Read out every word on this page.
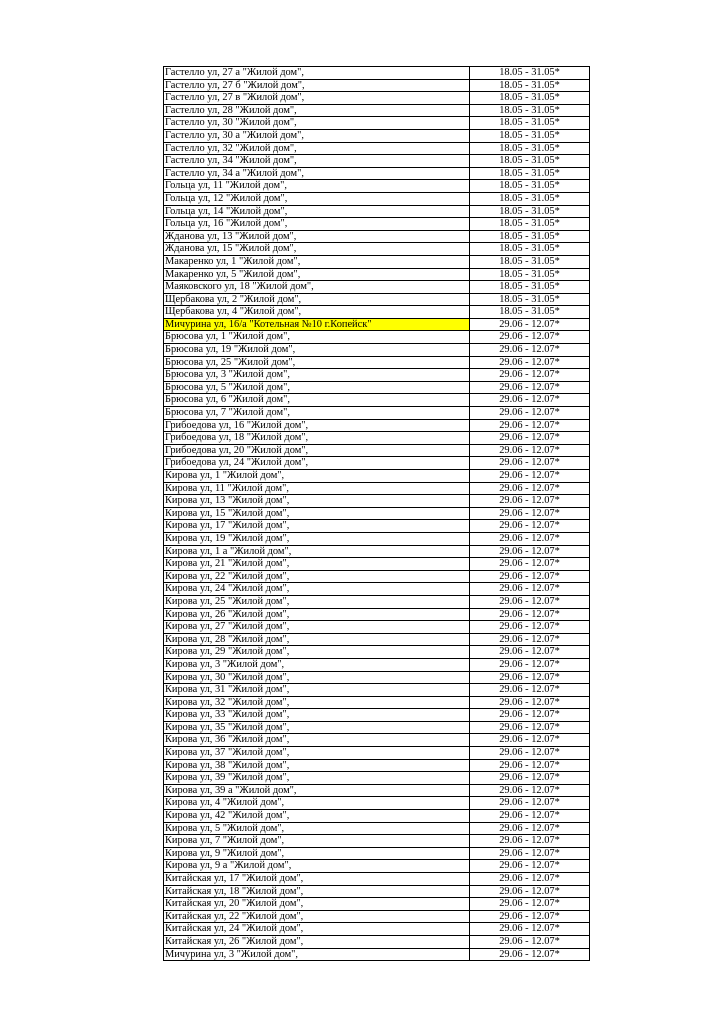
Гастелло ул, 27 а "Жилой дом",	18.05 - 31.05*
Гастелло ул, 27 б "Жилой дом",	18.05 - 31.05*
Гастелло ул, 27 в "Жилой дом",	18.05 - 31.05*
Гастелло ул, 28 "Жилой дом",	18.05 - 31.05*
Гастелло ул, 30 "Жилой дом",	18.05 - 31.05*
Гастелло ул, 30 а "Жилой дом",	18.05 - 31.05*
Гастелло ул, 32 "Жилой дом",	18.05 - 31.05*
Гастелло ул, 34 "Жилой дом",	18.05 - 31.05*
Гастелло ул, 34 а "Жилой дом",	18.05 - 31.05*
Гольца ул, 11 "Жилой дом",	18.05 - 31.05*
Гольца ул, 12 "Жилой дом",	18.05 - 31.05*
Гольца ул, 14 "Жилой дом",	18.05 - 31.05*
Гольца ул, 16 "Жилой дом",	18.05 - 31.05*
Жданова ул, 13 "Жилой дом",	18.05 - 31.05*
Жданова ул, 15 "Жилой дом",	18.05 - 31.05*
Макаренко ул, 1 "Жилой дом",	18.05 - 31.05*
Макаренко ул, 5 "Жилой дом",	18.05 - 31.05*
Маяковского ул, 18 "Жилой дом",	18.05 - 31.05*
Щербакова ул, 2 "Жилой дом",	18.05 - 31.05*
Щербакова ул, 4 "Жилой дом",	18.05 - 31.05*
Мичурина ул, 16/а "Котельная №10 г.Копейск"	29.06 - 12.07*
Брюсова ул, 1 "Жилой дом",	29.06 - 12.07*
Брюсова ул, 19 "Жилой дом",	29.06 - 12.07*
Брюсова ул, 25 "Жилой дом",	29.06 - 12.07*
Брюсова ул, 3 "Жилой дом",	29.06 - 12.07*
Брюсова ул, 5 "Жилой дом",	29.06 - 12.07*
Брюсова ул, 6 "Жилой дом",	29.06 - 12.07*
Брюсова ул, 7 "Жилой дом",	29.06 - 12.07*
Грибоедова ул, 16 "Жилой дом",	29.06 - 12.07*
Грибоедова ул, 18 "Жилой дом",	29.06 - 12.07*
Грибоедова ул, 20 "Жилой дом",	29.06 - 12.07*
Грибоедова ул, 24 "Жилой дом",	29.06 - 12.07*
Кирова ул, 1 "Жилой дом",	29.06 - 12.07*
Кирова ул, 11 "Жилой дом",	29.06 - 12.07*
Кирова ул, 13 "Жилой дом",	29.06 - 12.07*
Кирова ул, 15 "Жилой дом",	29.06 - 12.07*
Кирова ул, 17 "Жилой дом",	29.06 - 12.07*
Кирова ул, 19 "Жилой дом",	29.06 - 12.07*
Кирова ул, 1 а "Жилой дом",	29.06 - 12.07*
Кирова ул, 21 "Жилой дом",	29.06 - 12.07*
Кирова ул, 22 "Жилой дом",	29.06 - 12.07*
Кирова ул, 24 "Жилой дом",	29.06 - 12.07*
Кирова ул, 25 "Жилой дом",	29.06 - 12.07*
Кирова ул, 26 "Жилой дом",	29.06 - 12.07*
Кирова ул, 27 "Жилой дом",	29.06 - 12.07*
Кирова ул, 28 "Жилой дом",	29.06 - 12.07*
Кирова ул, 29 "Жилой дом",	29.06 - 12.07*
Кирова ул, 3 "Жилой дом",	29.06 - 12.07*
Кирова ул, 30 "Жилой дом",	29.06 - 12.07*
Кирова ул, 31 "Жилой дом",	29.06 - 12.07*
Кирова ул, 32 "Жилой дом",	29.06 - 12.07*
Кирова ул, 33 "Жилой дом",	29.06 - 12.07*
Кирова ул, 35 "Жилой дом",	29.06 - 12.07*
Кирова ул, 36 "Жилой дом",	29.06 - 12.07*
Кирова ул, 37 "Жилой дом",	29.06 - 12.07*
Кирова ул, 38 "Жилой дом",	29.06 - 12.07*
Кирова ул, 39 "Жилой дом",	29.06 - 12.07*
Кирова ул, 39 а "Жилой дом",	29.06 - 12.07*
Кирова ул, 4 "Жилой дом",	29.06 - 12.07*
Кирова ул, 42 "Жилой дом",	29.06 - 12.07*
Кирова ул, 5 "Жилой дом",	29.06 - 12.07*
Кирова ул, 7 "Жилой дом",	29.06 - 12.07*
Кирова ул, 9 "Жилой дом",	29.06 - 12.07*
Кирова ул, 9 а "Жилой дом",	29.06 - 12.07*
Китайская ул, 17 "Жилой дом",	29.06 - 12.07*
Китайская ул, 18 "Жилой дом",	29.06 - 12.07*
Китайская ул, 20 "Жилой дом",	29.06 - 12.07*
Китайская ул, 22 "Жилой дом",	29.06 - 12.07*
Китайская ул, 24 "Жилой дом",	29.06 - 12.07*
Китайская ул, 26 "Жилой дом",	29.06 - 12.07*
Мичурина ул, 3 "Жилой дом",	29.06 - 12.07*
